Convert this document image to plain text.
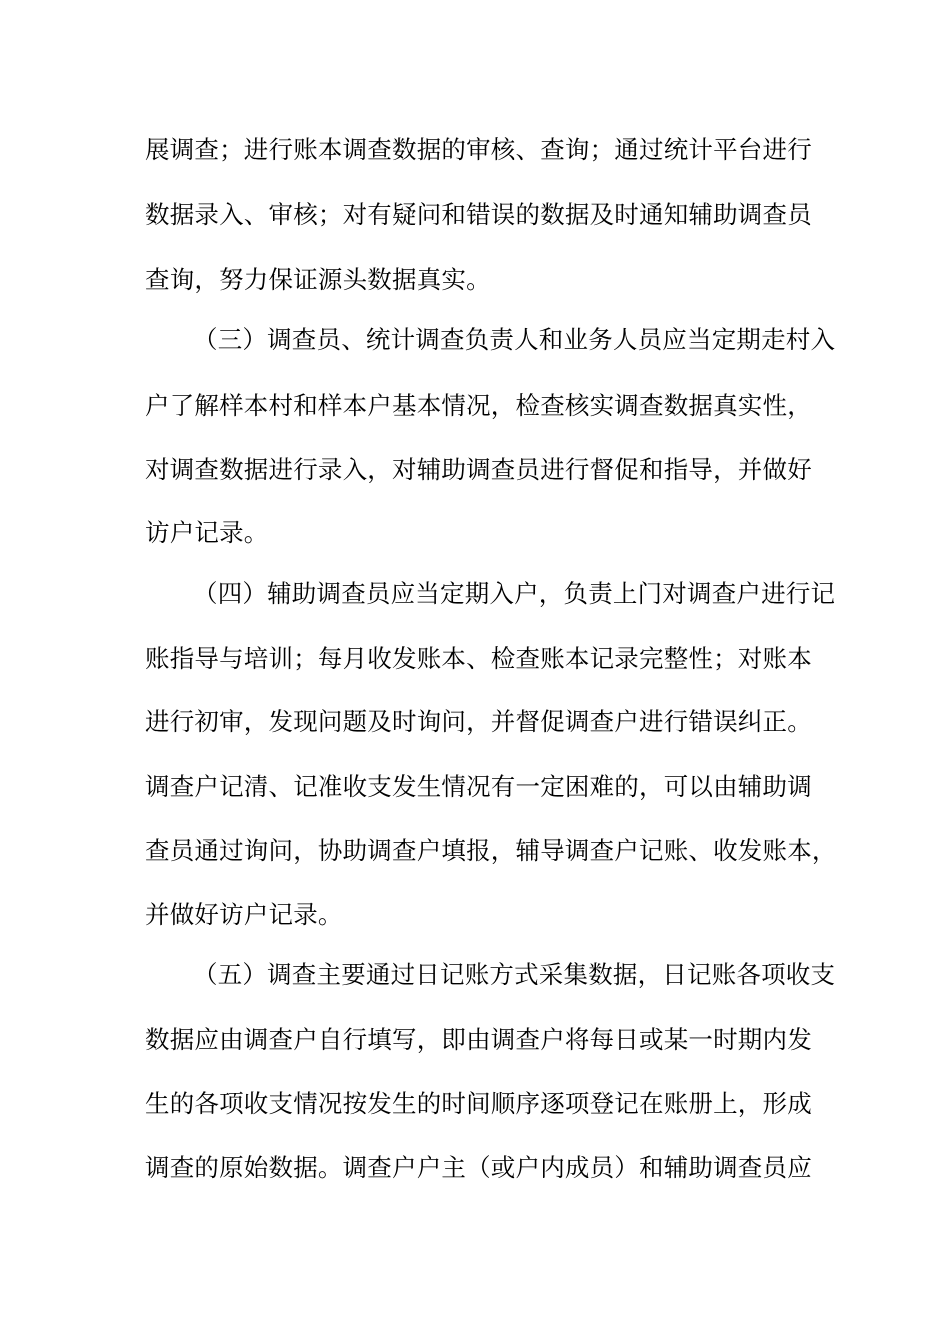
展调查；进行账本调查数据的审核、查询；通过统计平台进行
数据录入、审核；对有疑问和错误的数据及时通知辅助调查员
查询，努力保证源头数据真实。
（三）调查员、统计调查负责人和业务人员应当定期走村入
户了解样本村和样本户基本情况，检查核实调查数据真实性，
对调查数据进行录入，对辅助调查员进行督促和指导，并做好
访户记录。
（四）辅助调查员应当定期入户，负责上门对调查户进行记
账指导与培训；每月收发账本、检查账本记录完整性；对账本
进行初审，发现问题及时询问，并督促调查户进行错误纠正。
调查户记清、记准收支发生情况有一定困难的，可以由辅助调
查员通过询问，协助调查户填报，辅导调查户记账、收发账本，
并做好访户记录。
（五）调查主要通过日记账方式采集数据，日记账各项收支
数据应由调查户自行填写，即由调查户将每日或某一时期内发
生的各项收支情况按发生的时间顺序逐项登记在账册上，形成
调查的原始数据。调查户户主（或户内成员）和辅助调查员应
